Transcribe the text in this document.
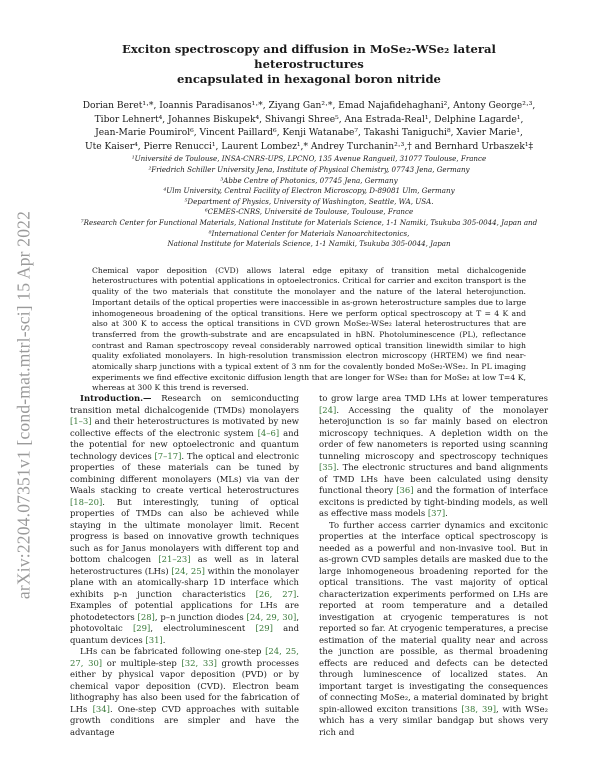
arXiv:2204.07351v1 [cond-mat.mtrl-sci] 15 Apr 2022
Exciton spectroscopy and diffusion in MoSe₂-WSe₂ lateral heterostructures
encapsulated in hexagonal boron nitride
Dorian Beret¹·*, Ioannis Paradisanos¹·*, Ziyang Gan²·*, Emad Najafidehaghani², Antony George²·³,
Tibor Lehnert⁴, Johannes Biskupek⁴, Shivangi Shree⁵, Ana Estrada-Real¹, Delphine Lagarde¹,
Jean-Marie Poumirol⁶, Vincent Paillard⁶, Kenji Watanabe⁷, Takashi Taniguchi⁸, Xavier Marie¹,
Ute Kaiser⁴, Pierre Renucci¹, Laurent Lombez¹,* Andrey Turchanin²·³,† and Bernhard Urbaszek¹‡
¹Université de Toulouse, INSA-CNRS-UPS, LPCNO, 135 Avenue Rangueil, 31077 Toulouse, France
²Friedrich Schiller University Jena, Institute of Physical Chemistry, 07743 Jena, Germany
³Abbe Centre of Photonics, 07745 Jena, Germany
⁴Ulm University, Central Facility of Electron Microscopy, D-89081 Ulm, Germany
⁵Department of Physics, University of Washington, Seattle, WA, USA.
⁶CEMES-CNRS, Université de Toulouse, Toulouse, France
⁷Research Center for Functional Materials, National Institute for Materials Science, 1-1 Namiki, Tsukuba 305-0044, Japan and
⁸International Center for Materials Nanoarchitectonics,
National Institute for Materials Science, 1-1 Namiki, Tsukuba 305-0044, Japan
Chemical vapor deposition (CVD) allows lateral edge epitaxy of transition metal dichalcogenide heterostructures with potential applications in optoelectronics. Critical for carrier and exciton transport is the quality of the two materials that constitute the monolayer and the nature of the lateral heterojunction. Important details of the optical properties were inaccessible in as-grown heterostructure samples due to large inhomogeneous broadening of the optical transitions. Here we perform optical spectroscopy at T = 4 K and also at 300 K to access the optical transitions in CVD grown MoSe₂-WSe₂ lateral heterostructures that are transferred from the growth-substrate and are encapsulated in hBN. Photoluminescence (PL), reflectance contrast and Raman spectroscopy reveal considerably narrowed optical transition linewidth similar to high quality exfoliated monolayers. In high-resolution transmission electron microscopy (HRTEM) we find near-atomically sharp junctions with a typical extent of 3 nm for the covalently bonded MoSe₂-WSe₂. In PL imaging experiments we find effective excitonic diffusion length that are longer for WSe₂ than for MoSe₂ at low T=4 K, whereas at 300 K this trend is reversed.

Introduction.— Research on semiconducting transition metal dichalcogenide (TMDs) monolayers [1–3] and their heterostructures is motivated by new collective effects of the electronic system [4–6] and the potential for new optoelectronic and quantum technology devices [7–17]. The optical and electronic properties of these materials can be tuned by combining different monolayers (MLs) via van der Waals stacking to create vertical heterostructures [18–20]. But interestingly, tuning of optical properties of TMDs can also be achieved while staying in the ultimate monolayer limit. Recent progress is based on innovative growth techniques such as for Janus monolayers with different top and bottom chalcogen [21–23] as well as in lateral heterostructures (LHs) [24, 25] within the monolayer plane with an atomically-sharp 1D interface which exhibits p-n junction characteristics [26, 27]. Examples of potential applications for LHs are photodetectors [28], p–n junction diodes [24, 29, 30], photovoltaic [29], electroluminescent [29] and quantum devices [31].

LHs can be fabricated following one-step [24, 25, 27, 30] or multiple-step [32, 33] growth processes either by physical vapor deposition (PVD) or by chemical vapor deposition (CVD). Electron beam lithography has also been used for the fabrication of LHs [34]. One-step CVD approaches with suitable growth conditions are simpler and have the advantage

to grow large area TMD LHs at lower temperatures [24]. Accessing the quality of the monolayer heterojunction is so far mainly based on electron microscopy techniques. A depletion width on the order of few nanometers is reported using scanning tunneling microscopy and spectroscopy techniques [35]. The electronic structures and band alignments of TMD LHs have been calculated using density functional theory [36] and the formation of interface excitons is predicted by tight-binding models, as well as effective mass models [37].

To further access carrier dynamics and excitonic properties at the interface optical spectroscopy is needed as a powerful and non-invasive tool. But in as-grown CVD samples details are masked due to the large inhomogeneous broadening reported for the optical transitions. The vast majority of optical characterization experiments performed on LHs are reported at room temperature and a detailed investigation at cryogenic temperatures is not reported so far. At cryogenic temperatures, a precise estimation of the material quality near and across the junction are possible, as thermal broadening effects are reduced and defects can be detected through luminescence of localized states. An important target is investigating the consequences of connecting MoSe₂, a material dominated by bright spin-allowed exciton transitions [38, 39], with WSe₂ which has a very similar bandgap but shows very rich and
